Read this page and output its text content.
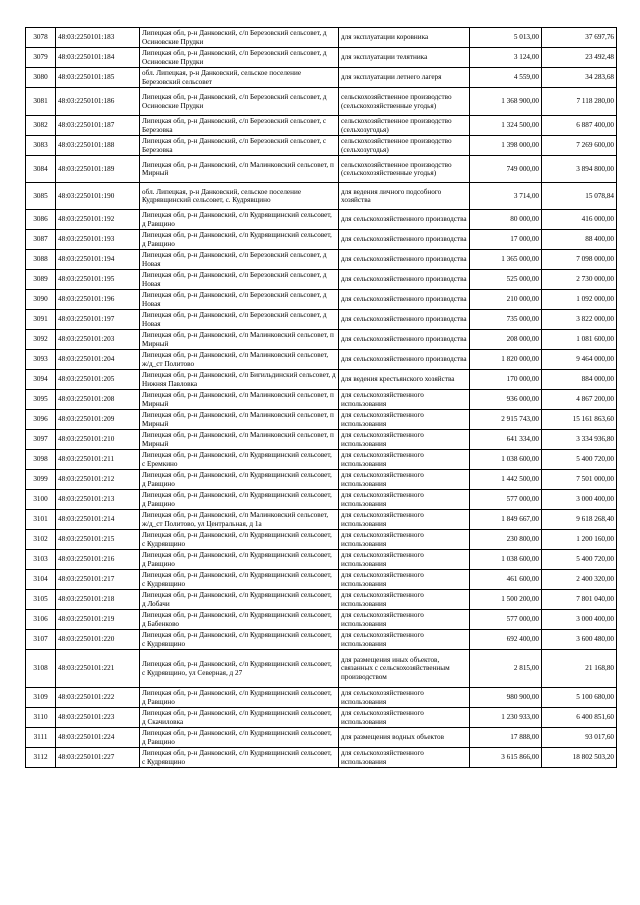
3078	48:03:2250101:183	Липецкая обл, р-н Данковский, с/п Березовский сельсовет, д Осиновские Прудки	для эксплуатации коровника	5 013,00	37 697,76
3079	48:03:2250101:184	Липецкая обл, р-н Данковский, с/п Березовский сельсовет, д Осиновские Прудки	для эксплуатации телятника	3 124,00	23 492,48
3080	48:03:2250101:185	обл. Липецкая, р-н Данковский, сельское поселение Березовский сельсовет	для эксплуатации летнего лагеря	4 559,00	34 283,68
3081	48:03:2250101:186	Липецкая обл, р-н Данковский, с/п Березовский сельсовет, д Осиновские Прудки	сельскохозяйственное производство (сельскохозяйственные угодья)	1 368 900,00	7 118 280,00
3082	48:03:2250101:187	Липецкая обл, р-н Данковский, с/п Березовский сельсовет, с Березовка	сельскохозяйственное производство (сельхозугодья)	1 324 500,00	6 887 400,00
3083	48:03:2250101:188	Липецкая обл, р-н Данковский, с/п Березовский сельсовет, с Березовка	сельскохозяйственное производство (сельхозугодья)	1 398 000,00	7 269 600,00
3084	48:03:2250101:189	Липецкая обл, р-н Данковский, с/п Малинковский сельсовет, п Мирный	сельскохозяйственное производство (сельскохозяйственные угодья)	749 000,00	3 894 800,00
3085	48:03:2250101:190	обл. Липецкая, р-н Данковский, сельское поселение Кудрявщинский сельсовет, с. Кудрявщино	для ведения личного подсобного хозяйства	3 714,00	15 078,84
3086	48:03:2250101:192	Липецкая обл, р-н Данковский, с/п Кудрявщинский сельсовет, д Равщино	для сельскохозяйственного производства	80 000,00	416 000,00
3087	48:03:2250101:193	Липецкая обл, р-н Данковский, с/п Кудрявщинский сельсовет, д Равщино	для сельскохозяйственного производства	17 000,00	88 400,00
3088	48:03:2250101:194	Липецкая обл, р-н Данковский, с/п Березовский сельсовет, д Новая	для сельскохозяйственного производства	1 365 000,00	7 098 000,00
3089	48:03:2250101:195	Липецкая обл, р-н Данковский, с/п Березовский сельсовет, д Новая	для сельскохозяйственного производства	525 000,00	2 730 000,00
3090	48:03:2250101:196	Липецкая обл, р-н Данковский, с/п Березовский сельсовет, д Новая	для сельскохозяйственного производства	210 000,00	1 092 000,00
3091	48:03:2250101:197	Липецкая обл, р-н Данковский, с/п Березовский сельсовет, д Новая	для сельскохозяйственного производства	735 000,00	3 822 000,00
3092	48:03:2250101:203	Липецкая обл, р-н Данковский, с/п Малинковский сельсовет, п Мирный	для сельскохозяйственного производства	208 000,00	1 081 600,00
3093	48:03:2250101:204	Липецкая обл, р-н Данковский, с/п Малинковский сельсовет, ж/д_ст Политово	для сельскохозяйственного производства	1 820 000,00	9 464 000,00
3094	48:03:2250101:205	Липецкая обл, р-н Данковский, с/п Бигильдинский сельсовет, д Нижняя Павловка	для ведения крестьянского хозяйства	170 000,00	884 000,00
3095	48:03:2250101:208	Липецкая обл, р-н Данковский, с/п Малинковский сельсовет, п Мирный	для сельскохозяйственного использования	936 000,00	4 867 200,00
3096	48:03:2250101:209	Липецкая обл, р-н Данковский, с/п Малинковский сельсовет, п Мирный	для сельскохозяйственного использования	2 915 743,00	15 161 863,60
3097	48:03:2250101:210	Липецкая обл, р-н Данковский, с/п Малинковский сельсовет, п Мирный	для сельскохозяйственного использования	641 334,00	3 334 936,80
3098	48:03:2250101:211	Липецкая обл, р-н Данковский, с/п Кудрявщинский сельсовет, с Еремкино	для сельскохозяйственного использования	1 038 600,00	5 400 720,00
3099	48:03:2250101:212	Липецкая обл, р-н Данковский, с/п Кудрявщинский сельсовет, д Равщино	для сельскохозяйственного использования	1 442 500,00	7 501 000,00
3100	48:03:2250101:213	Липецкая обл, р-н Данковский, с/п Кудрявщинский сельсовет, д Равщино	для сельскохозяйственного использования	577 000,00	3 000 400,00
3101	48:03:2250101:214	Липецкая обл, р-н Данковский, с/п Малинковский сельсовет, ж/д_ст Политово, ул Центральная, д 1а	для сельскохозяйственного использования	1 849 667,00	9 618 268,40
3102	48:03:2250101:215	Липецкая обл, р-н Данковский, с/п Кудрявщинский сельсовет, с Кудрявщино	для сельскохозяйственного использования	230 800,00	1 200 160,00
3103	48:03:2250101:216	Липецкая обл, р-н Данковский, с/п Кудрявщинский сельсовет, д Равщино	для сельскохозяйственного использования	1 038 600,00	5 400 720,00
3104	48:03:2250101:217	Липецкая обл, р-н Данковский, с/п Кудрявщинский сельсовет, с Кудрявщино	для сельскохозяйственного использования	461 600,00	2 400 320,00
3105	48:03:2250101:218	Липецкая обл, р-н Данковский, с/п Кудрявщинский сельсовет, д Лобачи	для сельскохозяйственного использования	1 500 200,00	7 801 040,00
3106	48:03:2250101:219	Липецкая обл, р-н Данковский, с/п Кудрявщинский сельсовет, д Бабенково	для сельскохозяйственного использования	577 000,00	3 000 400,00
3107	48:03:2250101:220	Липецкая обл, р-н Данковский, с/п Кудрявщинский сельсовет, с Кудрявщино	для сельскохозяйственного использования	692 400,00	3 600 480,00
3108	48:03:2250101:221	Липецкая обл, р-н Данковский, с/п Кудрявщинский сельсовет, с Кудрявщино, ул Северная, д 27	для размещения иных объектов, связанных с сельскохозяйственным производством	2 815,00	21 168,80
3109	48:03:2250101:222	Липецкая обл, р-н Данковский, с/п Кудрявщинский сельсовет, д Равщино	для сельскохозяйственного использования	980 900,00	5 100 680,00
3110	48:03:2250101:223	Липецкая обл, р-н Данковский, с/п Кудрявщинский сельсовет, д Скачиловка	для сельскохозяйственного использования	1 230 933,00	6 400 851,60
3111	48:03:2250101:224	Липецкая обл, р-н Данковский, с/п Кудрявщинский сельсовет, д Равщино	для размещения водных объектов	17 888,00	93 017,60
3112	48:03:2250101:227	Липецкая обл, р-н Данковский, с/п Кудрявщинский сельсовет, с Кудрявщино	для сельскохозяйственного использования	3 615 866,00	18 802 503,20
